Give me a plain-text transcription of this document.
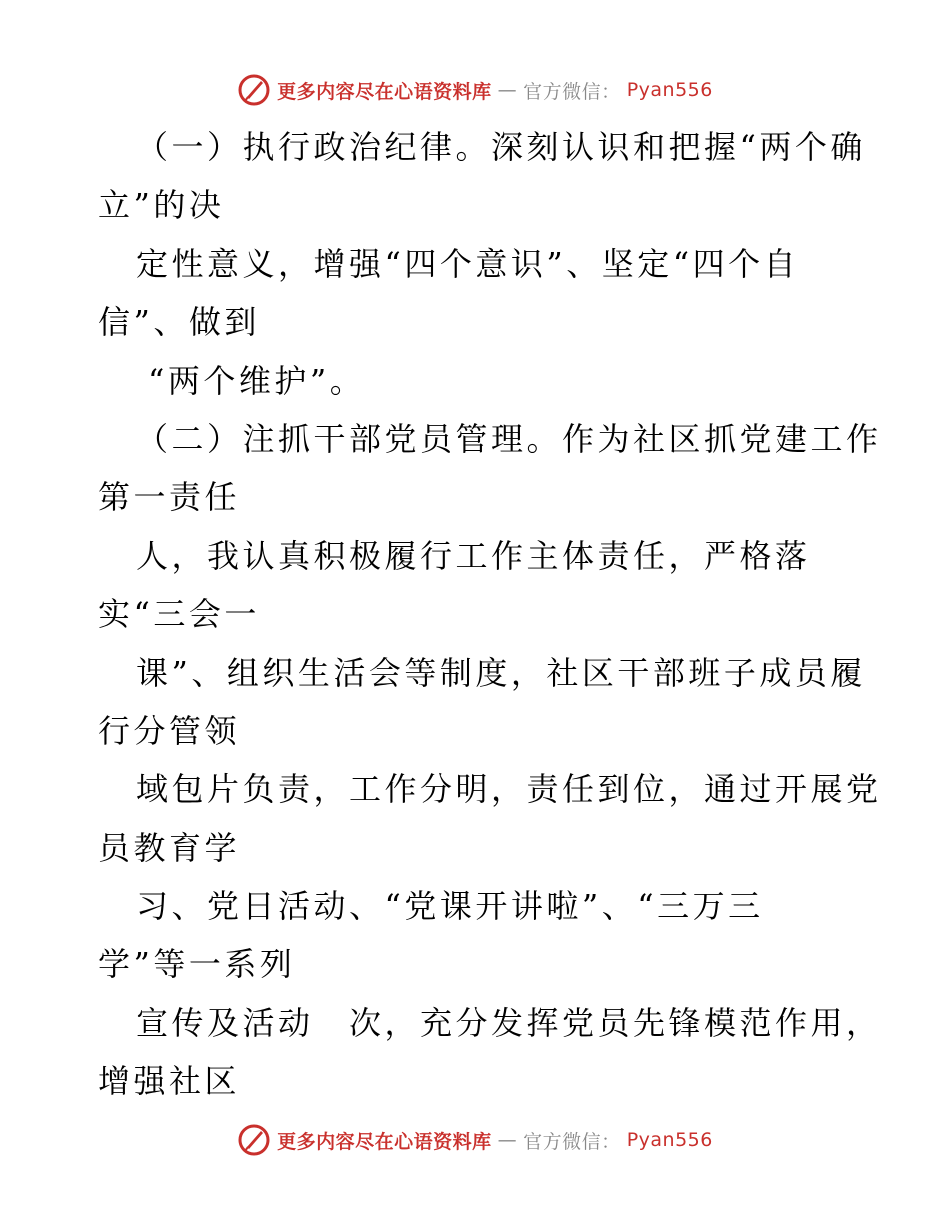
更多内容尽在心语资料库 — 官方微信： Pyan556
（一）执行政治纪律。深刻认识和把握“两个确
立”的决
定性意义，增强“四个意识”、坚定“四个自
信”、做到
“两个维护”。
（二）注抓干部党员管理。作为社区抓党建工作
第一责任
人，我认真积极履行工作主体责任，严格落
实“三会一
课”、组织生活会等制度，社区干部班子成员履
行分管领
域包片负责，工作分明，责任到位，通过开展党
员教育学
习、党日活动、“党课开讲啦”、“三万三
学”等一系列
宣传及活动　次，充分发挥党员先锋模范作用，
增强社区
更多内容尽在心语资料库 — 官方微信： Pyan556
